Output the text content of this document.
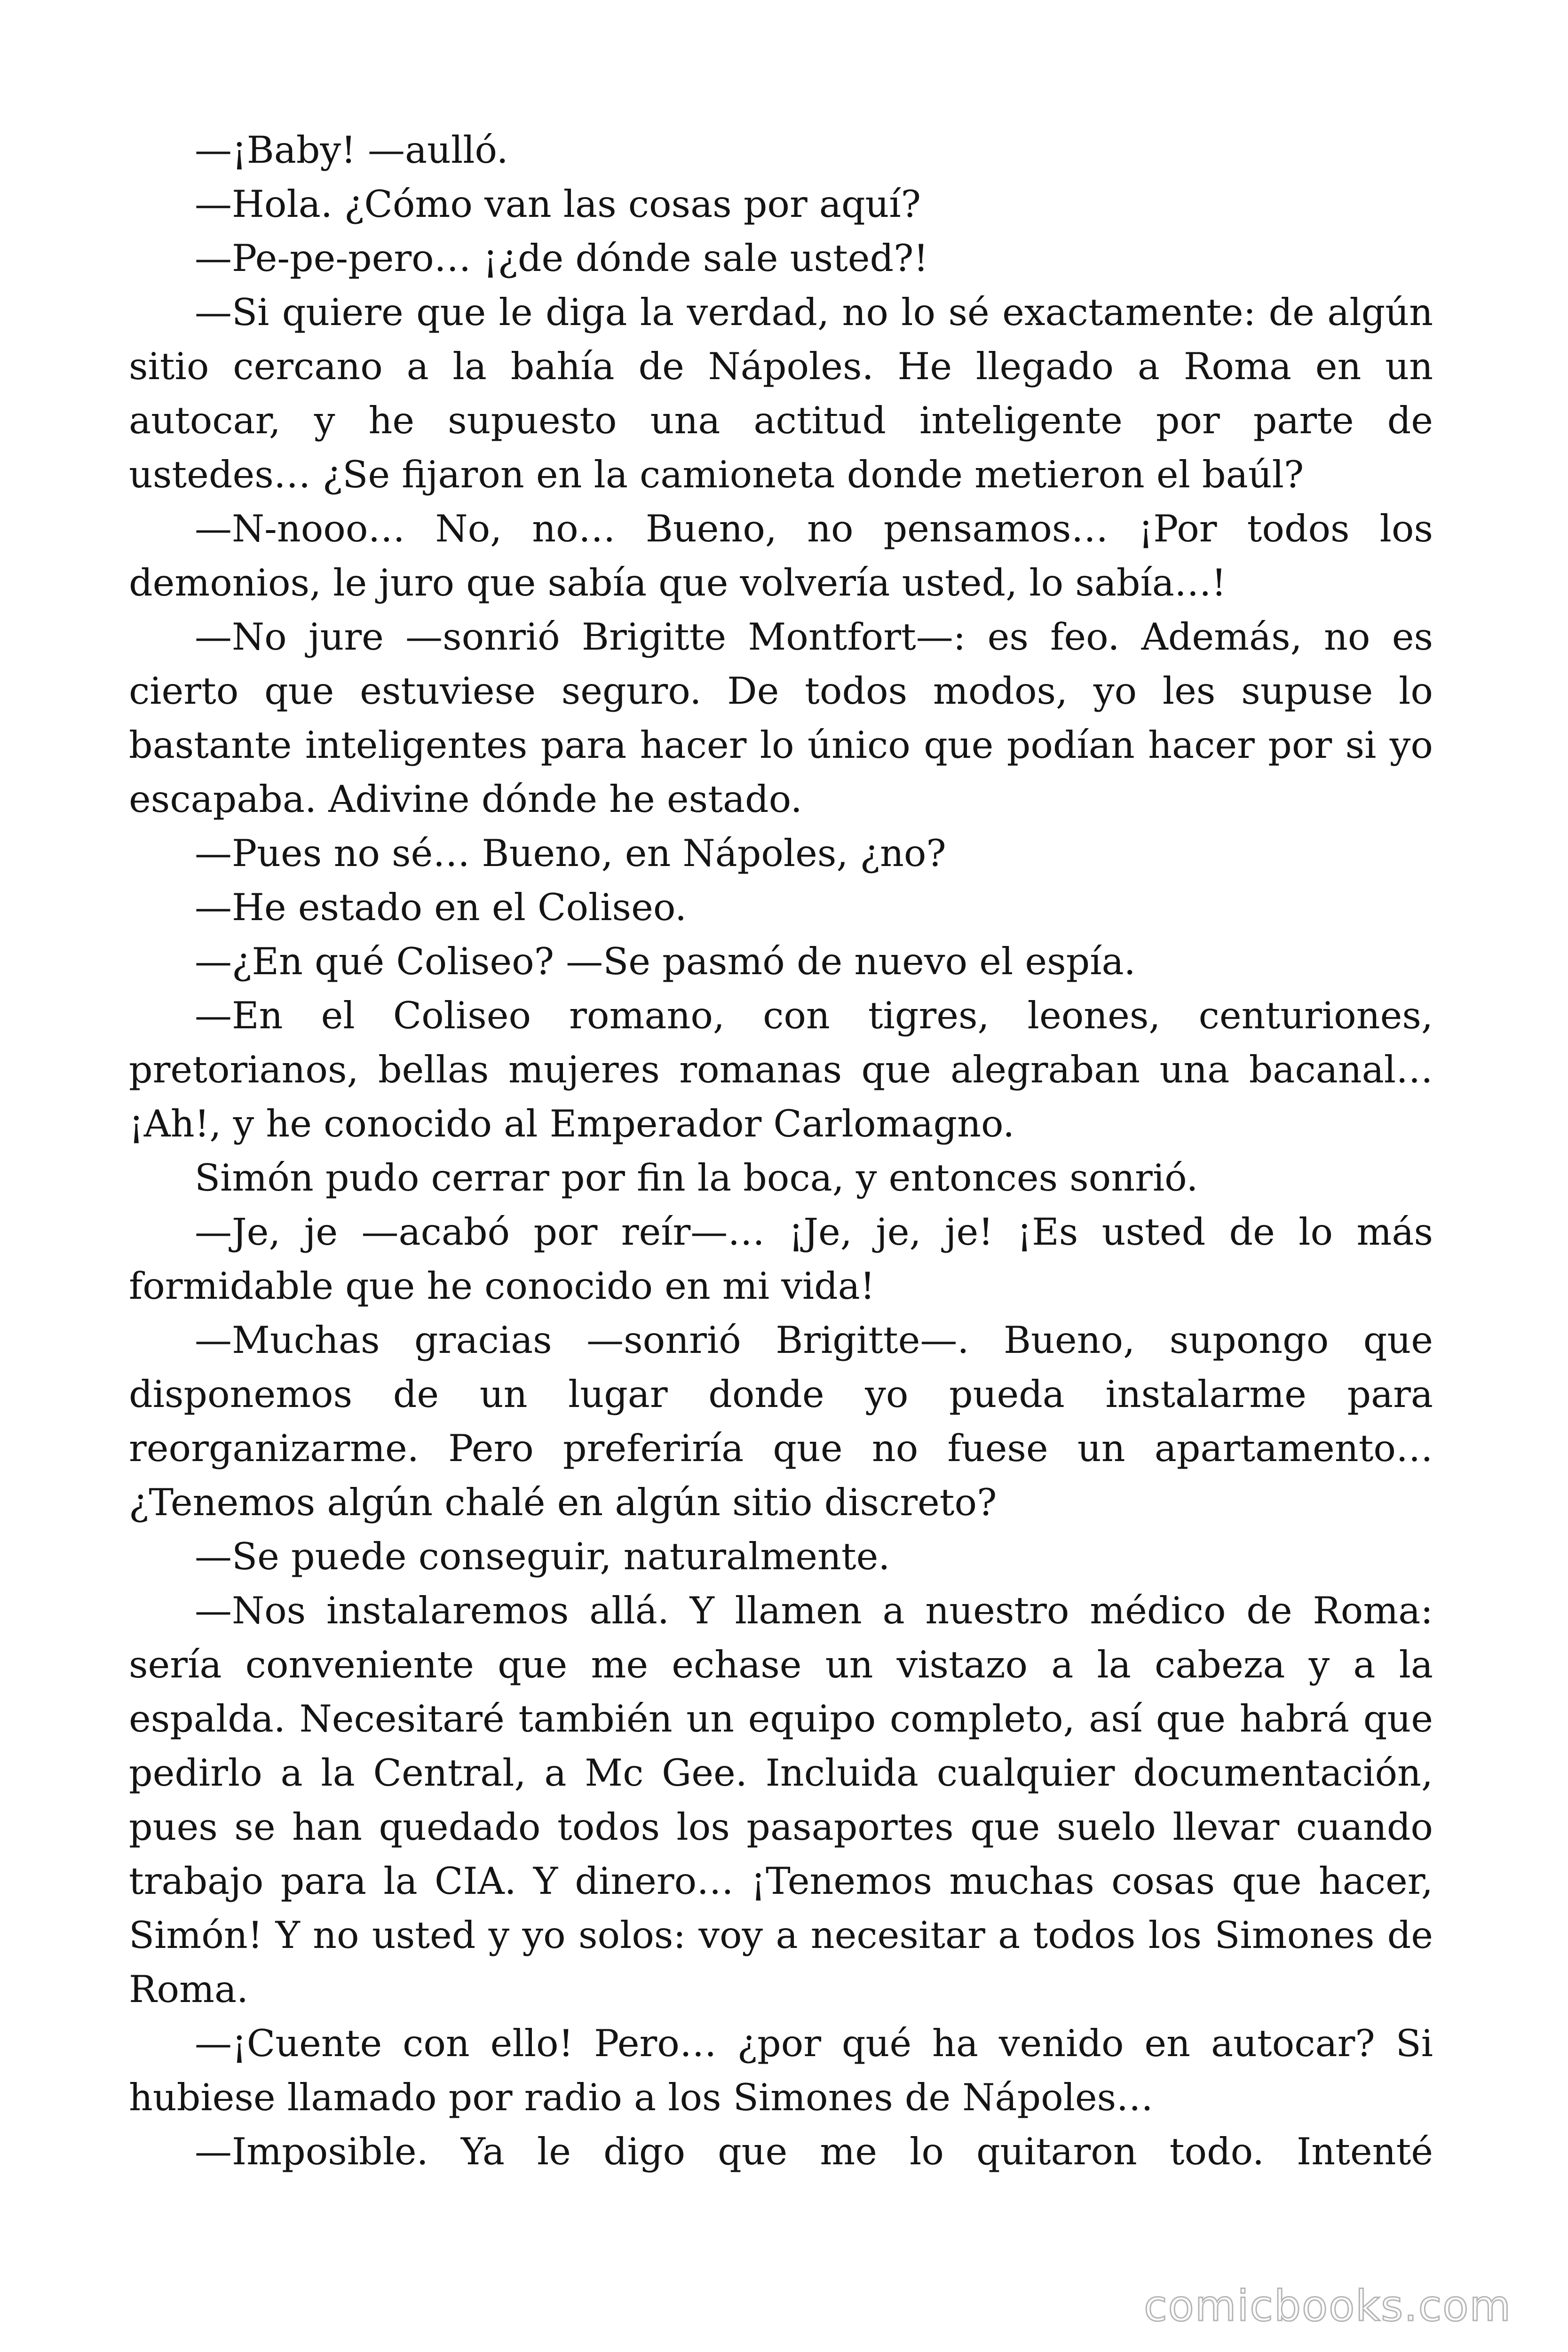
—¡Baby! —aulló.
—Hola. ¿Cómo van las cosas por aquí?
—Pe-pe-pero… ¡¿de dónde sale usted?!
—Si quiere que le diga la verdad, no lo sé exactamente: de algún
sitio cercano a la bahía de Nápoles. He llegado a Roma en un
autocar, y he supuesto una actitud inteligente por parte de
ustedes… ¿Se fijaron en la camioneta donde metieron el baúl?
—N-nooo… No, no… Bueno, no pensamos… ¡Por todos los
demonios, le juro que sabía que volvería usted, lo sabía…!
—No jure —sonrió Brigitte Montfort—: es feo. Además, no es
cierto que estuviese seguro. De todos modos, yo les supuse lo
bastante inteligentes para hacer lo único que podían hacer por si yo
escapaba. Adivine dónde he estado.
—Pues no sé… Bueno, en Nápoles, ¿no?
—He estado en el Coliseo.
—¿En qué Coliseo? —Se pasmó de nuevo el espía.
—En el Coliseo romano, con tigres, leones, centuriones,
pretorianos, bellas mujeres romanas que alegraban una bacanal…
¡Ah!, y he conocido al Emperador Carlomagno.
Simón pudo cerrar por fin la boca, y entonces sonrió.
—Je, je —acabó por reír—… ¡Je, je, je! ¡Es usted de lo más
formidable que he conocido en mi vida!
—Muchas gracias —sonrió Brigitte—. Bueno, supongo que
disponemos de un lugar donde yo pueda instalarme para
reorganizarme. Pero preferiría que no fuese un apartamento…
¿Tenemos algún chalé en algún sitio discreto?
—Se puede conseguir, naturalmente.
—Nos instalaremos allá. Y llamen a nuestro médico de Roma:
sería conveniente que me echase un vistazo a la cabeza y a la
espalda. Necesitaré también un equipo completo, así que habrá que
pedirlo a la Central, a Mc Gee. Incluida cualquier documentación,
pues se han quedado todos los pasaportes que suelo llevar cuando
trabajo para la CIA. Y dinero… ¡Tenemos muchas cosas que hacer,
Simón! Y no usted y yo solos: voy a necesitar a todos los Simones de
Roma.
—¡Cuente con ello! Pero… ¿por qué ha venido en autocar? Si
hubiese llamado por radio a los Simones de Nápoles…
—Imposible. Ya le digo que me lo quitaron todo. Intenté
comicbooks.com
